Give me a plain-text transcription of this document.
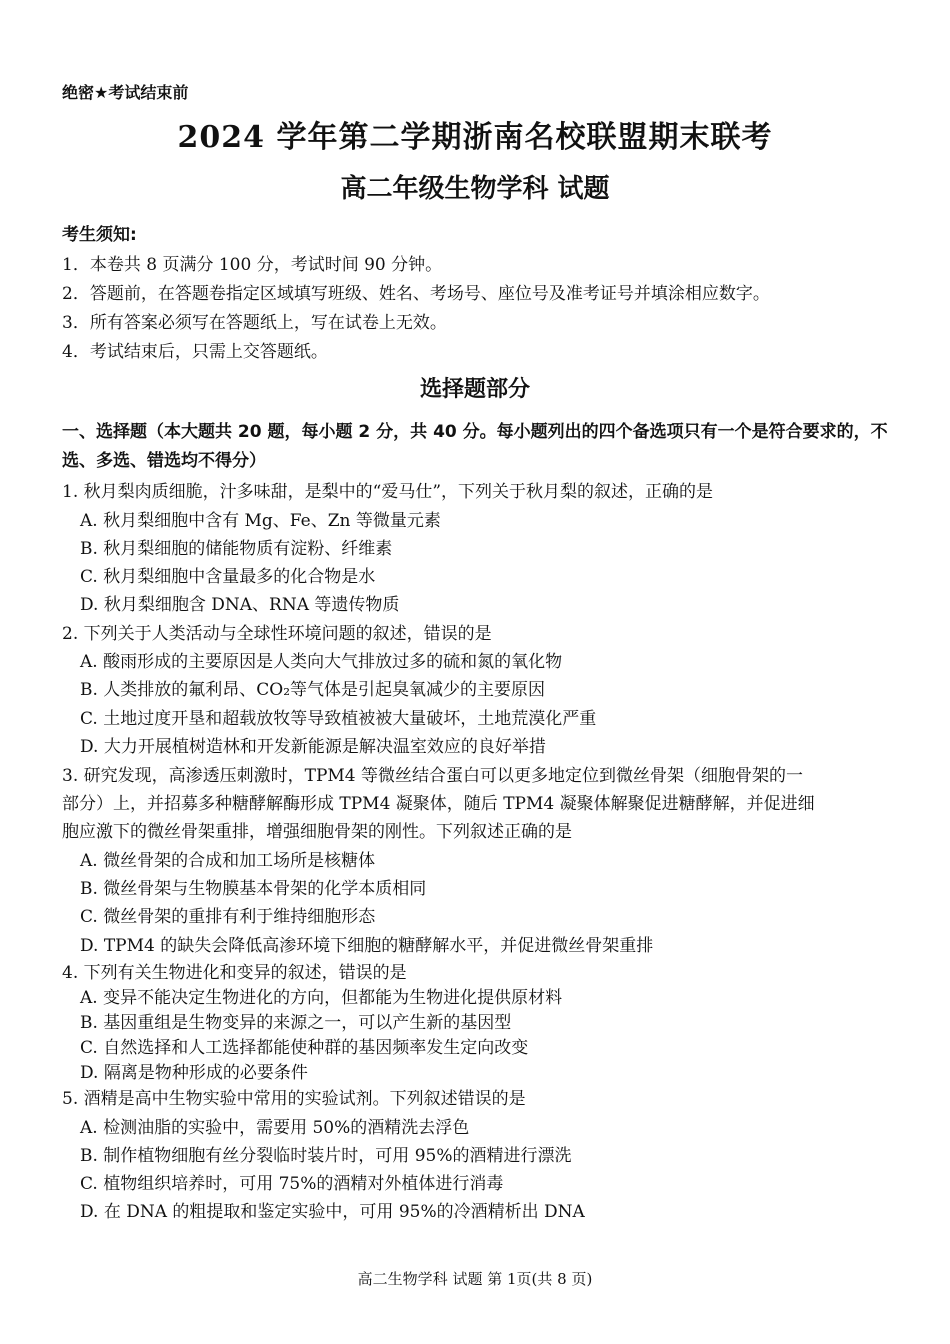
绝密★考试结束前
2024 学年第二学期浙南名校联盟期末联考
高二年级生物学科 试题
考生须知:
1．本卷共 8 页满分 100 分，考试时间 90 分钟。
2．答题前，在答题卷指定区域填写班级、姓名、考场号、座位号及准考证号并填涂相应数字。
3．所有答案必须写在答题纸上，写在试卷上无效。
4．考试结束后，只需上交答题纸。
选择题部分
一、选择题（本大题共 20 题，每小题 2 分，共 40 分。每小题列出的四个备选项只有一个是符合要求的，不选、多选、错选均不得分）
1. 秋月梨肉质细脆，汁多味甜，是梨中的“爱马仕”，下列关于秋月梨的叙述，正确的是
A. 秋月梨细胞中含有 Mg、Fe、Zn 等微量元素
B. 秋月梨细胞的储能物质有淀粉、纤维素
C. 秋月梨细胞中含量最多的化合物是水
D. 秋月梨细胞含 DNA、RNA 等遗传物质
2. 下列关于人类活动与全球性环境问题的叙述，错误的是
A. 酸雨形成的主要原因是人类向大气排放过多的硫和氮的氧化物
B. 人类排放的氟利昂、CO₂等气体是引起臭氧减少的主要原因
C. 土地过度开垦和超载放牧等导致植被被大量破坏，土地荒漠化严重
D. 大力开展植树造林和开发新能源是解决温室效应的良好举措
3. 研究发现，高渗透压刺激时，TPM4 等微丝结合蛋白可以更多地定位到微丝骨架（细胞骨架的一
部分）上，并招募多种糖酵解酶形成 TPM4 凝聚体，随后 TPM4 凝聚体解聚促进糖酵解，并促进细
胞应激下的微丝骨架重排，增强细胞骨架的刚性。下列叙述正确的是
A. 微丝骨架的合成和加工场所是核糖体
B. 微丝骨架与生物膜基本骨架的化学本质相同
C. 微丝骨架的重排有利于维持细胞形态
D. TPM4 的缺失会降低高渗环境下细胞的糖酵解水平，并促进微丝骨架重排
4. 下列有关生物进化和变异的叙述，错误的是
A. 变异不能决定生物进化的方向，但都能为生物进化提供原材料
B. 基因重组是生物变异的来源之一，可以产生新的基因型
C. 自然选择和人工选择都能使种群的基因频率发生定向改变
D. 隔离是物种形成的必要条件
5. 酒精是高中生物实验中常用的实验试剂。下列叙述错误的是
A. 检测油脂的实验中，需要用 50%的酒精洗去浮色
B. 制作植物细胞有丝分裂临时装片时，可用 95%的酒精进行漂洗
C. 植物组织培养时，可用 75%的酒精对外植体进行消毒
D. 在 DNA 的粗提取和鉴定实验中，可用 95%的冷酒精析出 DNA
高二生物学科 试题 第 1页(共 8 页)
